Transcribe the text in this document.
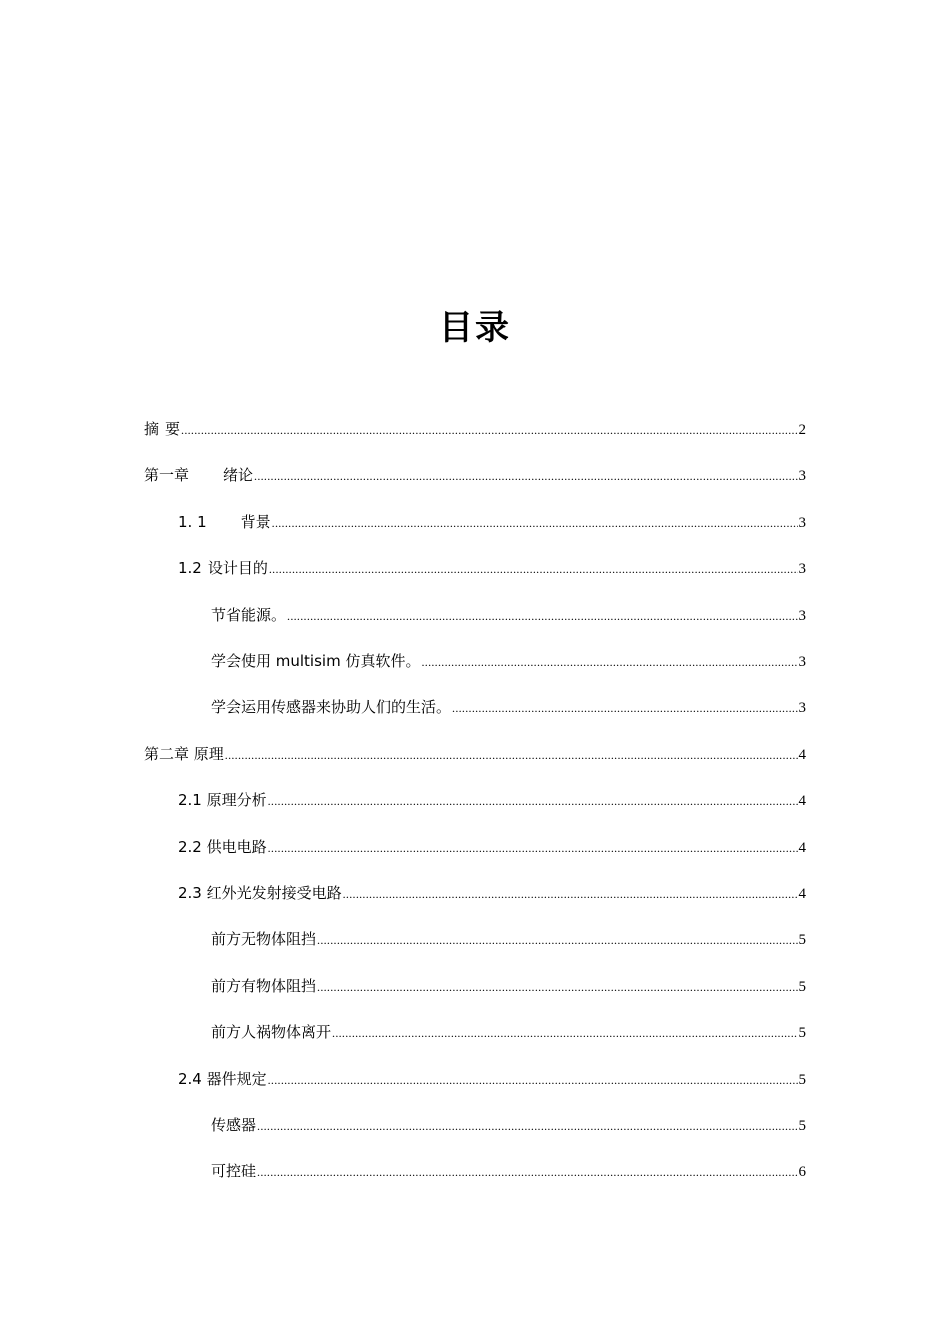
目录
摘 要 .....	2
第一章 绪论 .....	3
1. 1 背景 .....	3
1.2 设计目的 .....	3
节省能源。 .....	3
学会使用 multisim 仿真软件。 .....	3
学会运用传感器来协助人们的生活。 .....	3
第二章 原理 .....	4
2.1 原理分析 .....	4
2.2 供电电路 .....	4
2.3 红外光发射接受电路 .....	4
前方无物体阻挡 .....	5
前方有物体阻挡 .....	5
前方人祸物体离开 .....	5
2.4 器件规定 .....	5
传感器 .....	5
可控硅 .....	6
